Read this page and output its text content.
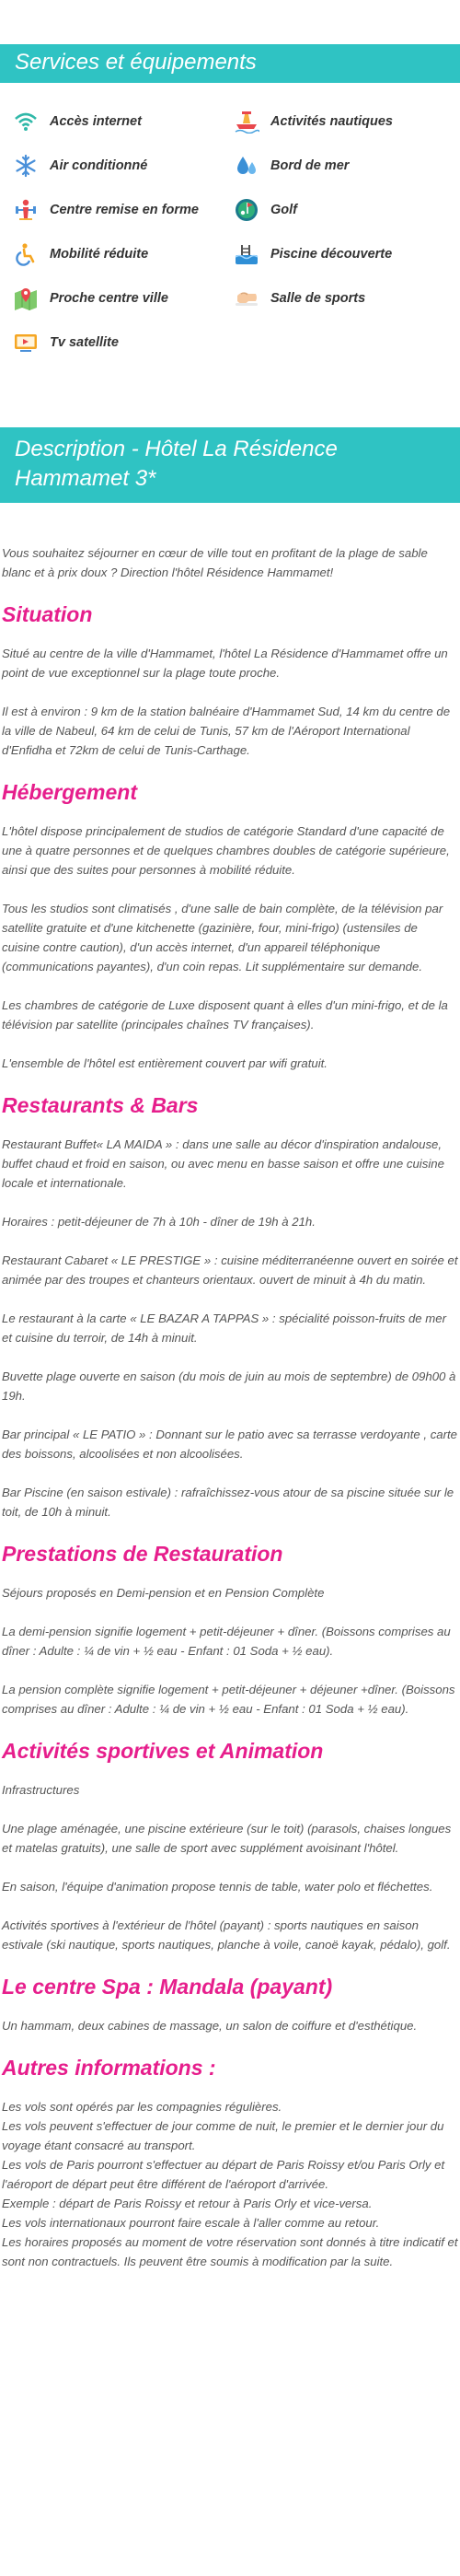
Services et équipements
Accès internet	Activités nautiques
Air conditionné	Bord de mer
Centre remise en forme	Golf
Mobilité réduite	Piscine découverte
Proche centre ville	Salle de sports
Tv satellite
Description - Hôtel La Résidence Hammamet 3*

Vous souhaitez séjourner en cœur de ville tout en profitant de la plage de sable blanc et à prix doux ? Direction l'hôtel Résidence Hammamet!

Situation

Situé au centre de la ville d'Hammamet, l'hôtel La Résidence d'Hammamet offre un point de vue exceptionnel sur la plage toute proche.

Il est à environ : 9 km de la station balnéaire d'Hammamet Sud, 14 km du centre de la ville de Nabeul, 64 km de celui de Tunis, 57 km de l'Aéroport International d'Enfidha et 72km de celui de Tunis-Carthage.

Hébergement

L'hôtel dispose principalement de studios de catégorie Standard d'une capacité de une à quatre personnes et de quelques chambres doubles de catégorie supérieure, ainsi que des suites pour personnes à mobilité réduite.

Tous les studios sont climatisés , d'une salle de bain complète, de la télévision par satellite gratuite et d'une kitchenette (gazinière, four, mini-frigo) (ustensiles de cuisine contre caution), d'un accès internet, d'un appareil téléphonique (communications payantes), d'un coin repas. Lit supplémentaire sur demande.

Les chambres de catégorie de Luxe disposent quant à elles d'un mini-frigo, et de la télévision par satellite (principales chaînes TV françaises).

L'ensemble de l'hôtel est entièrement couvert par wifi gratuit.

Restaurants & Bars

Restaurant Buffet« LA MAIDA » : dans une salle au décor d'inspiration andalouse, buffet chaud et froid en saison, ou avec menu en basse saison et offre une cuisine locale et internationale.

Horaires : petit-déjeuner de 7h à 10h - dîner de 19h à 21h.

Restaurant Cabaret « LE PRESTIGE » : cuisine méditerranéenne ouvert en soirée et animée par des troupes et chanteurs orientaux. ouvert de minuit à 4h du matin.

Le restaurant à la carte « LE BAZAR A TAPPAS » : spécialité poisson-fruits de mer et cuisine du terroir, de 14h à minuit.

Buvette plage ouverte en saison (du mois de juin au mois de septembre) de 09h00 à 19h.

Bar principal « LE PATIO » : Donnant sur le patio avec sa terrasse verdoyante , carte des boissons, alcoolisées et non alcoolisées.

Bar Piscine (en saison estivale) : rafraîchissez-vous atour de sa piscine située sur le toit, de 10h à minuit.

Prestations de Restauration

Séjours proposés en Demi-pension et en Pension Complète

La demi-pension signifie logement + petit-déjeuner + dîner. (Boissons comprises au dîner : Adulte : ¼ de vin + ½ eau - Enfant : 01 Soda + ½ eau).

La pension complète signifie logement + petit-déjeuner + déjeuner +dîner. (Boissons comprises au dîner : Adulte : ¼ de vin + ½ eau - Enfant : 01 Soda + ½ eau).

Activités sportives et Animation

Infrastructures

Une plage aménagée, une piscine extérieure (sur le toit) (parasols, chaises longues et matelas gratuits), une salle de sport avec supplément avoisinant l'hôtel.

En saison, l'équipe d'animation propose tennis de table, water polo et fléchettes.

Activités sportives à l'extérieur de l'hôtel (payant) : sports nautiques en saison estivale (ski nautique, sports nautiques, planche à voile, canoë kayak, pédalo), golf.

Le centre Spa : Mandala (payant)

Un hammam, deux cabines de massage, un salon de coiffure et d'esthétique.

Autres informations :

Les vols sont opérés par les compagnies régulières.

Les vols peuvent s'effectuer de jour comme de nuit, le premier et le dernier jour du voyage étant consacré au transport.

Les vols de Paris pourront s'effectuer au départ de Paris Roissy et/ou Paris Orly et l'aéroport de départ peut être différent de l'aéroport d'arrivée.

Exemple : départ de Paris Roissy et retour à Paris Orly et vice-versa.

Les vols internationaux pourront faire escale à l'aller comme au retour.

Les horaires proposés au moment de votre réservation sont donnés à titre indicatif et sont non contractuels. Ils peuvent être soumis à modification par la suite.
